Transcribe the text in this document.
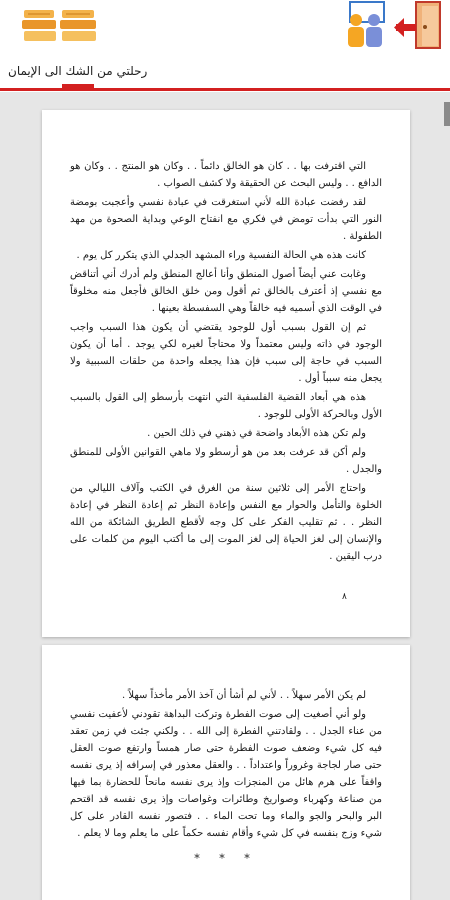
رحلتي من الشك الى الإيمان

التي اقترفت بها . . كان هو الخالق دائماً . . وكان هو المنتج . . وكان هو الدافع . . وليس البحث عن الحقيقة ولا كشف الصواب .

لقد رفضت عبادة الله لأني استغرقت في عبادة نفسي وأعجبت بومضة النور التي بدأت تومض في فكري مع انفتاح الوعي وبداية الصحوة من مهد الطفولة .

كانت هذه هي الحالة النفسية وراء المشهد الجدلي الذي يتكرر كل يوم .

وغابت عني أيضاً أصول المنطق وأنا أعالج المنطق ولم أدرك أني أتناقض مع نفسي إذ أعترف بالخالق ثم أقول ومن خلق الخالق فأجعل منه مخلوقاً في الوقت الذي أسميه فيه خالقاً وهي السفسطة بعينها .

ثم إن القول بسبب أول للوجود يقتضي أن يكون هذا السبب واجب الوجود في ذاته وليس معتمداً ولا محتاجاً لغيره لكي يوجد . أما أن يكون السبب في حاجة إلى سبب فإن هذا يجعله واحدة من حلقات السببية ولا يجعل منه سبباً أول .

هذه هي أبعاد القضية الفلسفية التي انتهت بأرسطو إلى القول بالسبب الأول وبالحركة الأولى للوجود .

ولم تكن هذه الأبعاد واضحة في ذهني في ذلك الحين .

ولم أكن قد عرفت بعد من هو أرسطو ولا ماهي القوانين الأولى للمنطق والجدل .

واحتاج الأمر إلى ثلاثين سنة من الغرق في الكتب وآلاف الليالي من الخلوة والتأمل والحوار مع النفس وإعادة النظر ثم إعادة النظر في إعادة النظر . . ثم تقليب الفكر على كل وجه لأقطع الطريق الشائكة من الله والإنسان إلى لغز الحياة إلى لغز الموت إلى ما أكتب اليوم من كلمات على درب اليقين .

٨

لم يكن الأمر سهلاً . . لأني لم أشأ أن آخذ الأمر مأخذاً سهلاً .

ولو أني أصغيت إلى صوت الفطرة وتركت البداهة تقودني لأعفيت نفسي من عناء الجدل . . ولقادتني الفطرة إلى الله . . ولكني جئت في زمن تعقد فيه كل شيء وضعف صوت الفطرة حتى صار همساً وارتفع صوت العقل حتى صار لجاجة وغروراً واعتداداً . . والعقل معذور في إسرافه إذ يرى نفسه واقفاً على هرم هائل من المنجزات وإذ يرى نفسه مانحاً للحضارة بما فيها من صناعة وكهرباء وصواريخ وطائرات وغواصات وإذ يرى نفسه قد اقتحم البر والبحر والجو والماء وما تحت الماء . . فتصور نفسه القادر على كل شيء وزج بنفسه في كل شيء وأقام نفسه حكماً على ما يعلم وما لا يعلم .

* * *
